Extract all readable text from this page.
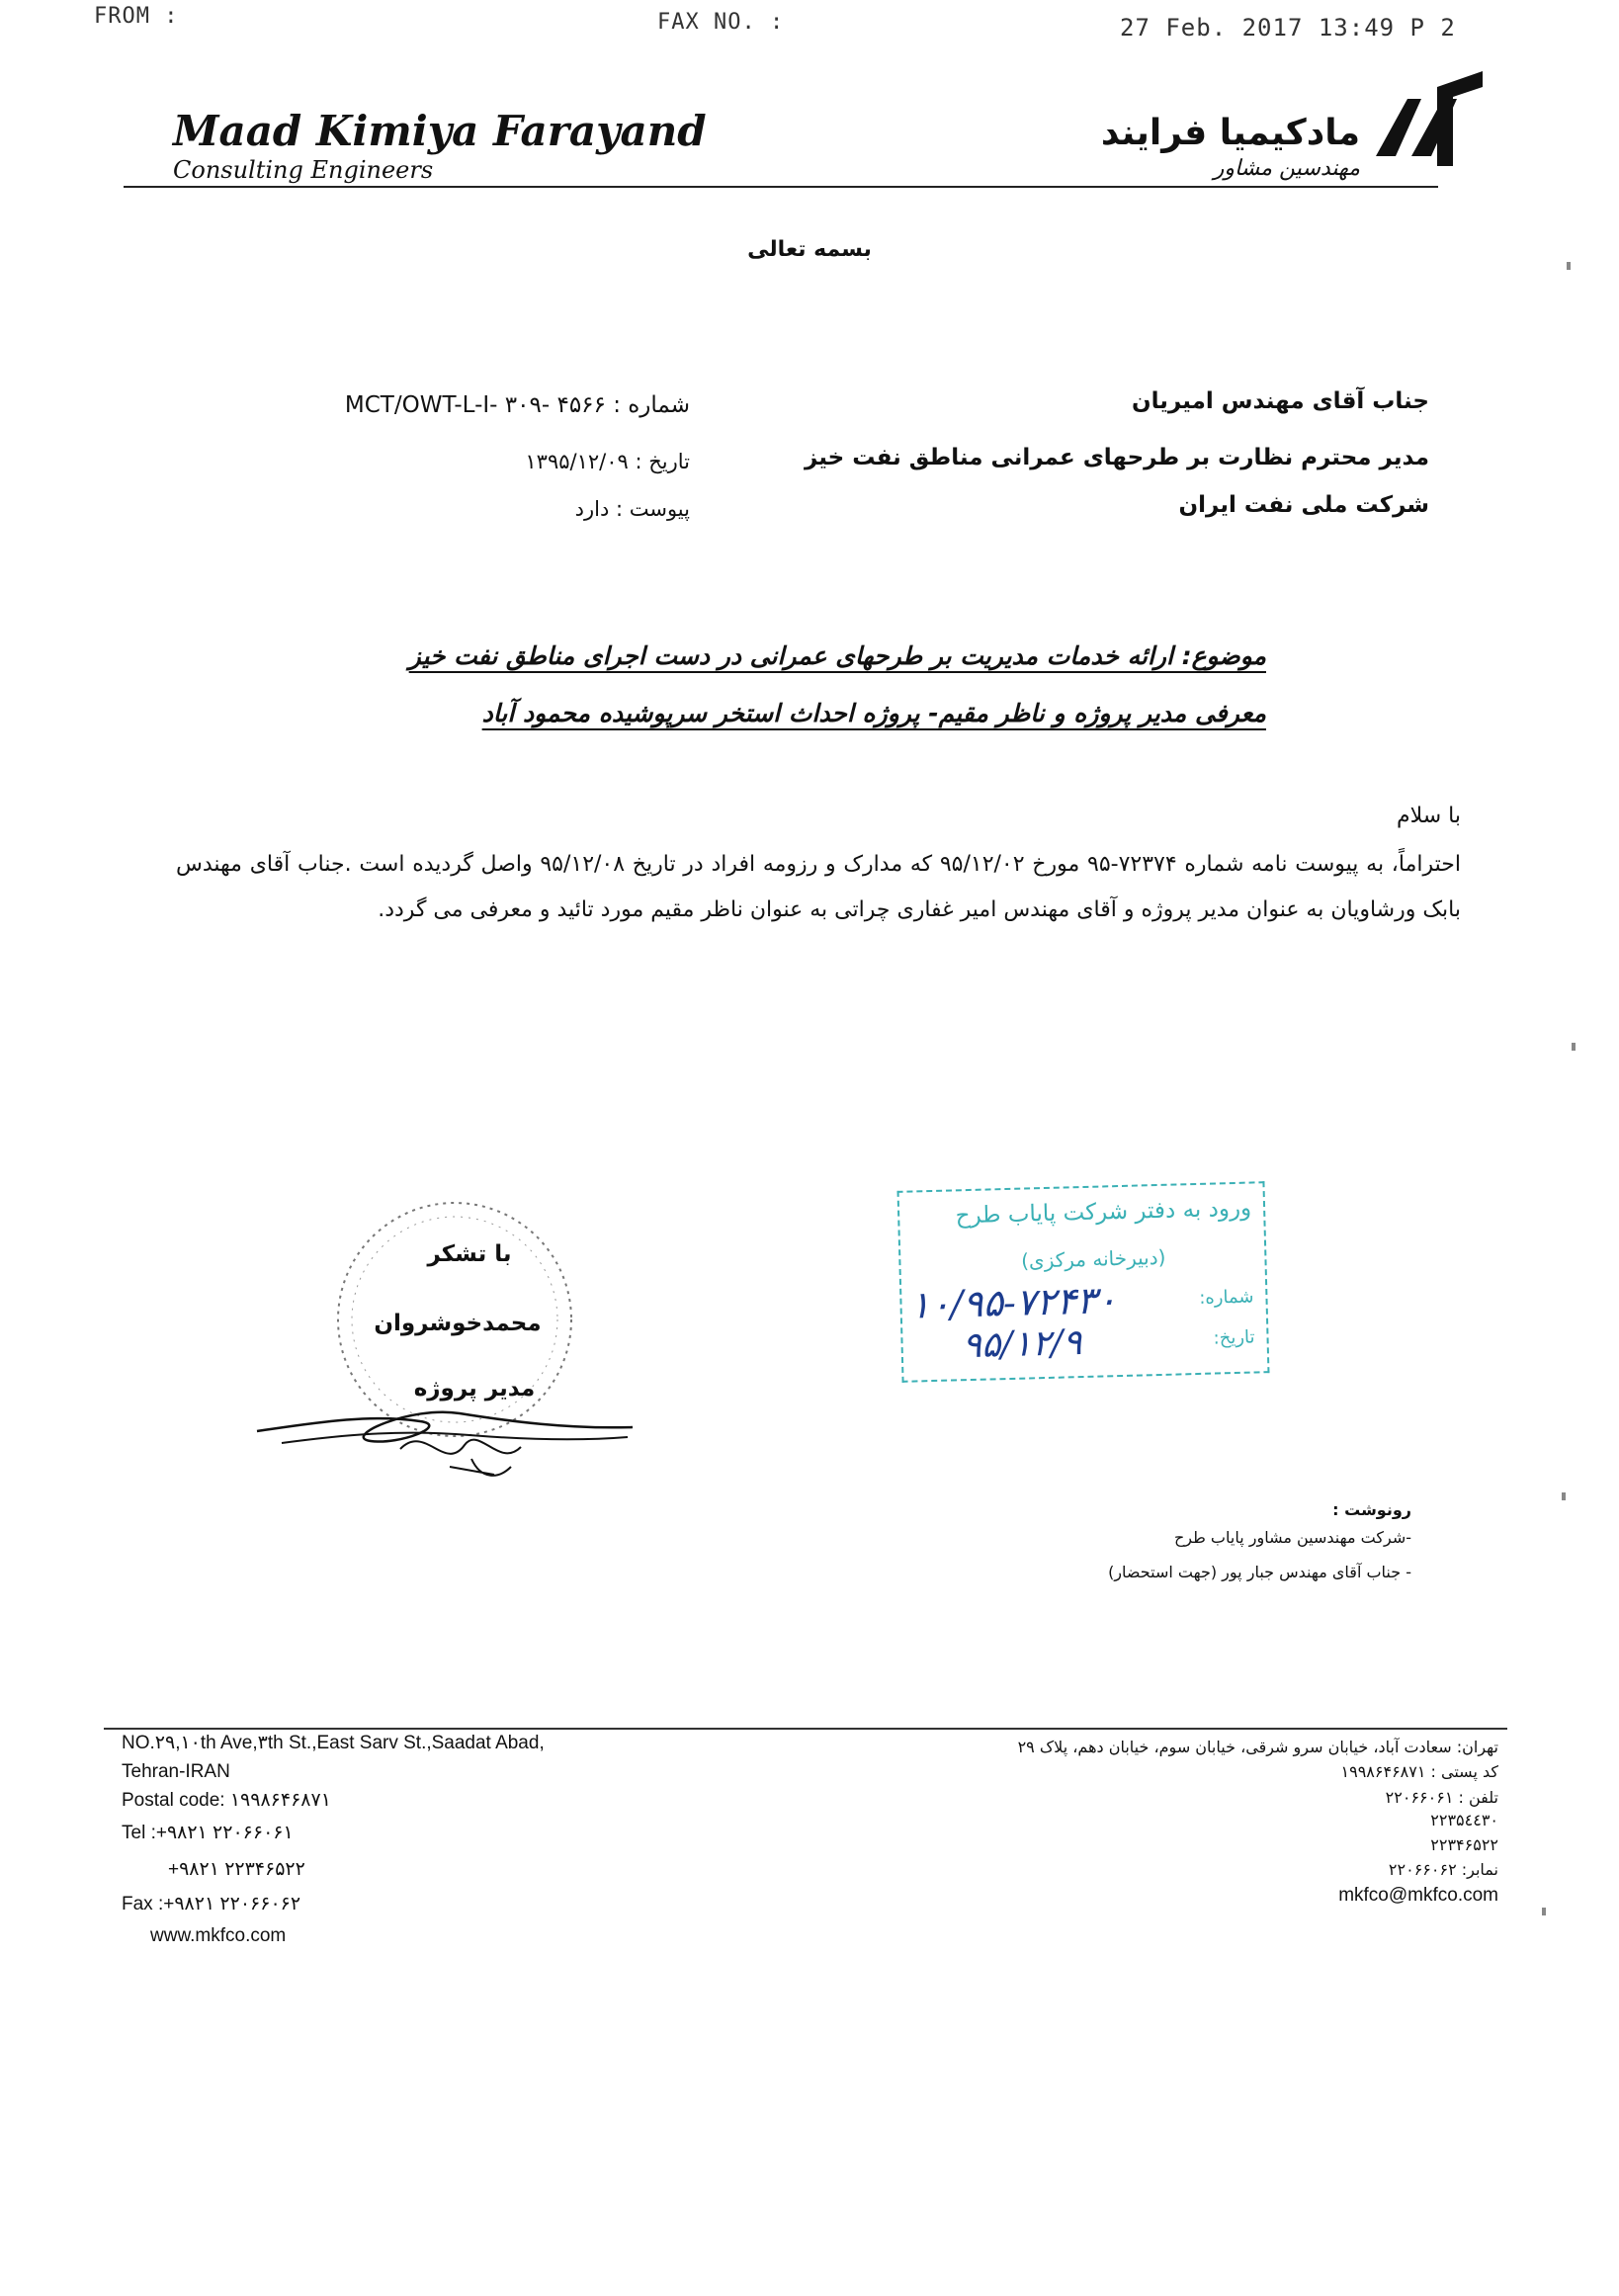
FROM :	FAX NO. :	27 Feb. 2017 13:49 P 2
Maad Kimiya Farayand
Consulting Engineers
مادکیمیا فرایند
مهندسین مشاور
بسمه تعالی
جناب آقای مهندس امیریان
مدیر محترم نظارت بر طرحهای عمرانی مناطق نفت خیز
شرکت ملی نفت ایران
شماره : ۴۵۶۶ -MCT/OWT-L-I- ۳۰۹
تاریخ : ۱۳۹۵/۱۲/۰۹
پیوست : دارد
موضوع: ارائه خدمات مدیریت بر طرحهای عمرانی در دست اجرای مناطق نفت خیز
معرفی مدیر پروژه و ناظر مقیم- پروژه احداث استخر سرپوشیده محمود آباد
با سلام
احتراماً، به پیوست نامه شماره ۷۲۳۷۴-۹۵ مورخ ۹۵/۱۲/۰۲ که مدارک و رزومه افراد در تاریخ ۹۵/۱۲/۰۸ واصل گردیده است .جناب آقای مهندس بابک ورشاویان به عنوان مدیر پروژه و آقای مهندس امیر غفاری چراتی به عنوان ناظر مقیم مورد تائید و معرفی می گردد.
با تشکر
محمدخوشروان
مدیر پروژه
ورود به دفتر شرکت پایاب طرح
(دبیرخانه مرکزی)
شماره:
تاریخ:
۱۰/۹۵-۷۲۴۳۰
۹۵/۱۲/۹
رونوشت :
-شرکت مهندسین مشاور پایاب طرح
- جناب آقای مهندس جبار پور (جهت استحضار)
NO.۲۹,۱۰th Ave,۳th St.,East Sarv St.,Saadat Abad,
Tehran-IRAN
Postal code: ۱۹۹۸۶۴۶۸۷۱
Tel :+۹۸۲۱ ۲۲۰۶۶۰۶۱
+۹۸۲۱ ۲۲۳۴۶۵۲۲
Fax :+۹۸۲۱ ۲۲۰۶۶۰۶۲
www.mkfco.com
تهران: سعادت آباد، خیابان سرو شرقی، خیابان سوم، خیابان دهم، پلاک ۲۹
کد پستی : ۱۹۹۸۶۴۶۸۷۱
تلفن : ۲۲۰۶۶۰۶۱
۲۲۳۵٤٤۳۰
۲۲۳۴۶۵۲۲
نمابر: ۲۲۰۶۶۰۶۲
mkfco@mkfco.com
